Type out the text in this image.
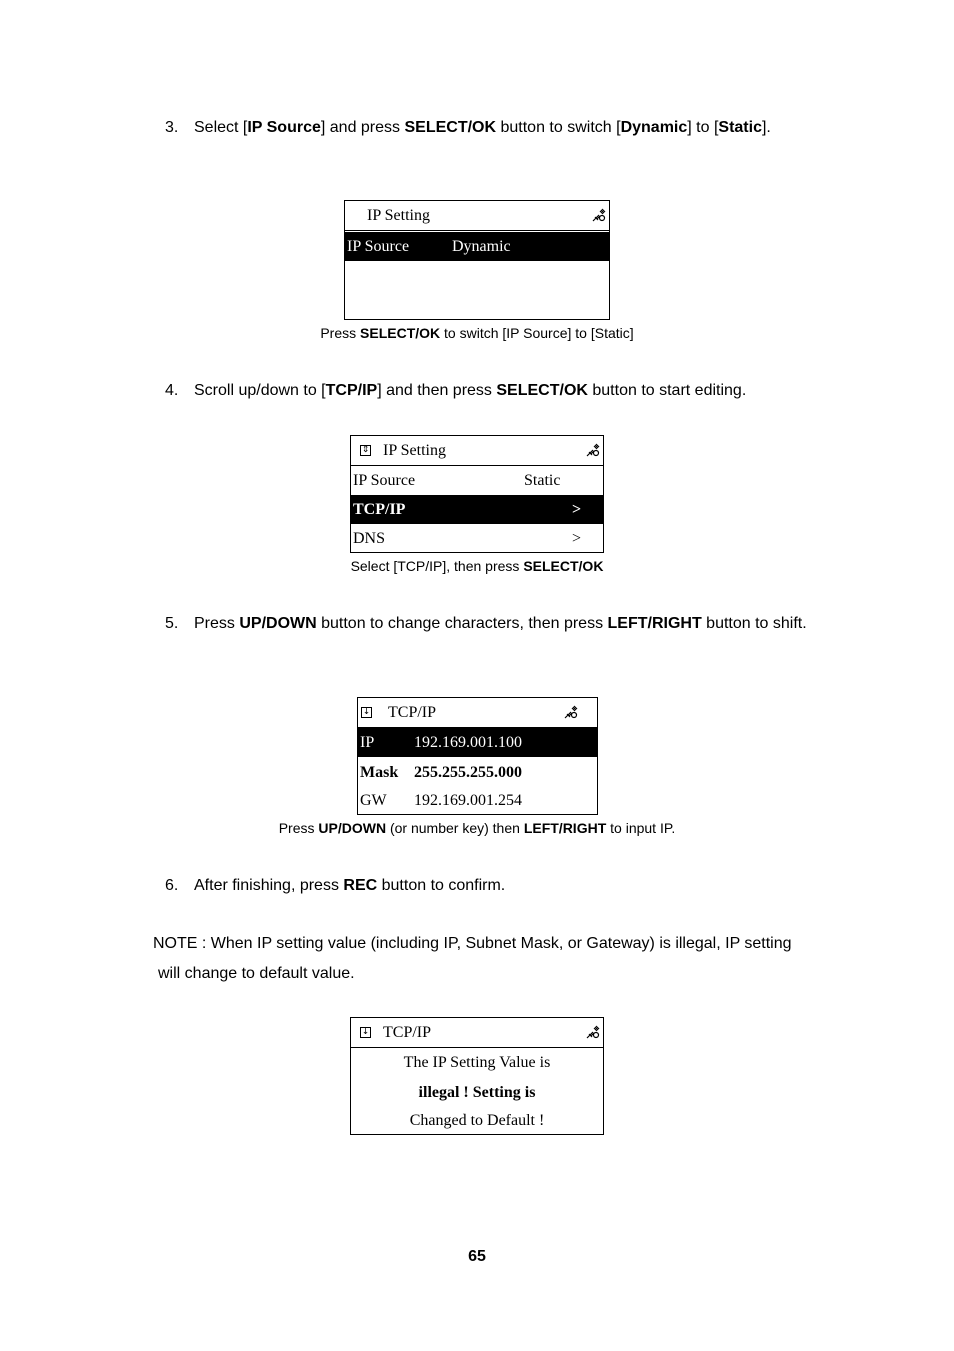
3. Select [IP Source] and press SELECT/OK button to switch [Dynamic] to [Static].
IP Setting
IP Source	Dynamic
Press SELECT/OK to switch [IP Source] to [Static]
4. Scroll up/down to [TCP/IP] and then press SELECT/OK button to start editing.
⇕ IP Setting
IP Source	Static
TCP/IP	>
DNS	>
Select [TCP/IP], then press SELECT/OK
5. Press UP/DOWN button to change characters, then press LEFT/RIGHT button to shift.
↓ TCP/IP
IP 192.169.001.100
Mask 255.255.255.000
GW 192.169.001.254
Press UP/DOWN (or number key) then LEFT/RIGHT to input IP.
6. After finishing, press REC button to confirm.
NOTE : When IP setting value (including IP, Subnet Mask, or Gateway) is illegal, IP setting
will change to default value.
↓ TCP/IP
The IP Setting Value is
illegal ! Setting is
Changed to Default !
65
